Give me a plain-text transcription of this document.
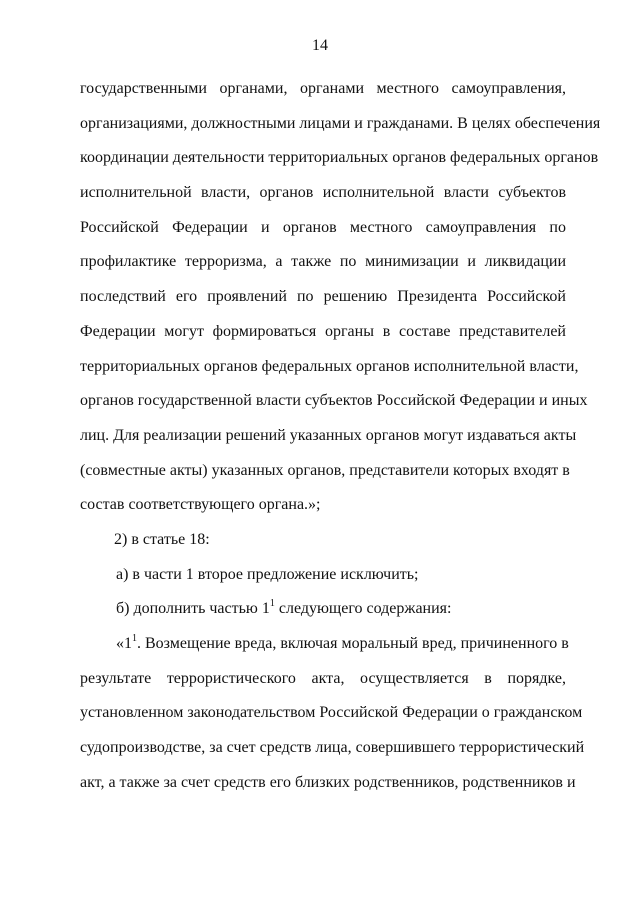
14
государственными органами, органами местного самоуправления,
организациями, должностными лицами и гражданами. В целях обеспечения
координации деятельности территориальных органов федеральных органов
исполнительной власти, органов исполнительной власти субъектов
Российской Федерации и органов местного самоуправления по
профилактике терроризма, а также по минимизации и ликвидации
последствий его проявлений по решению Президента Российской
Федерации могут формироваться органы в составе представителей
территориальных органов федеральных органов исполнительной власти,
органов государственной власти субъектов Российской Федерации и иных
лиц. Для реализации решений указанных органов могут издаваться акты
(совместные акты) указанных органов, представители которых входят в
состав соответствующего органа.»;
2) в статье 18:
а) в части 1 второе предложение исключить;
б) дополнить частью $1^1$ следующего содержания:
«$1^1$. Возмещение вреда, включая моральный вред, причиненного в
результате террористического акта, осуществляется в порядке,
установленном законодательством Российской Федерации о гражданском
судопроизводстве, за счет средств лица, совершившего террористический
акт, а также за счет средств его близких родственников, родственников и
